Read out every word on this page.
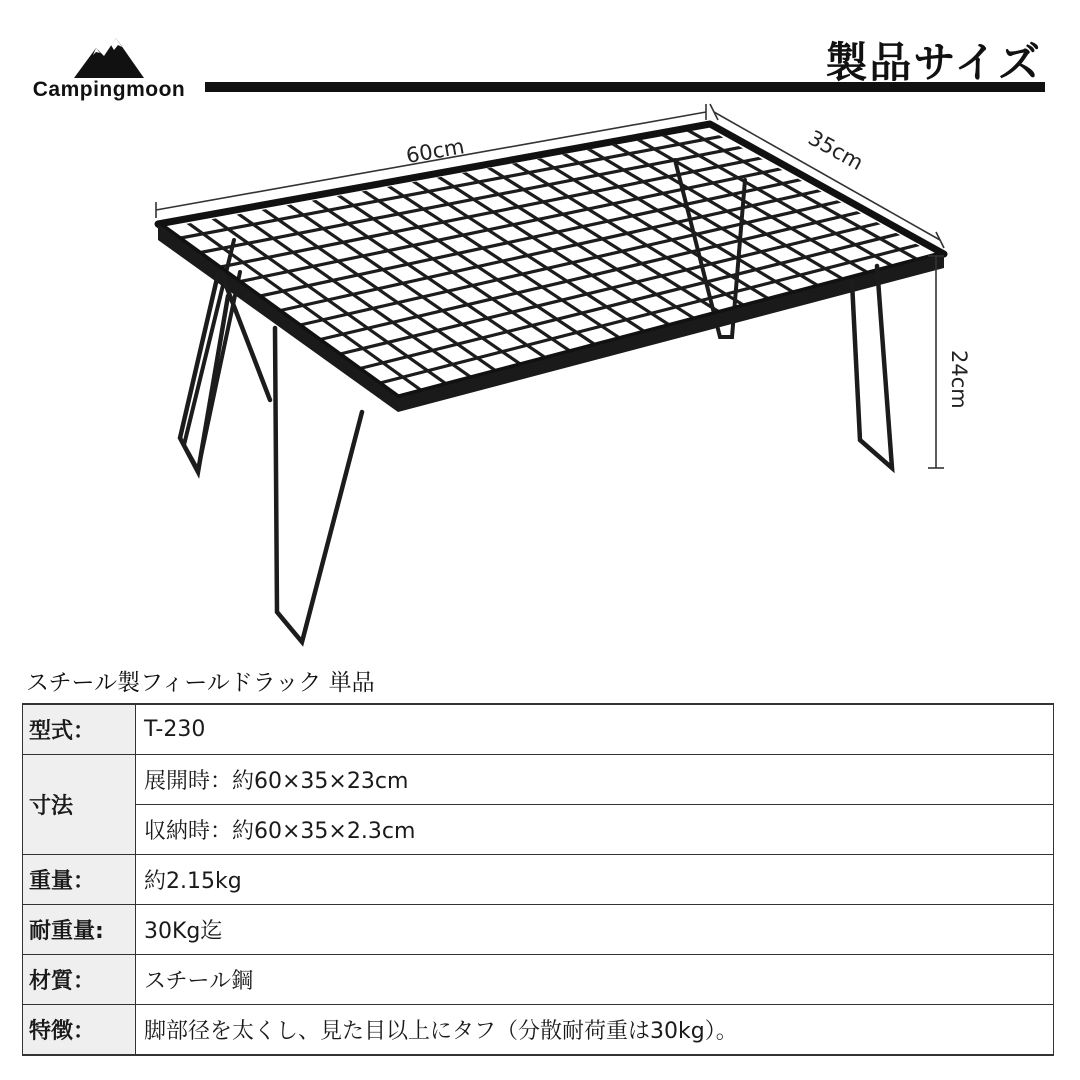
Campingmoon
製品サイズ
60cm	35cm
24cm
スチール製フィールドラック 単品
型式：	T-230
寸法	展開時：約60×35×23cm
	収納時：約60×35×2.3cm
重量：	約2.15kg
耐重量:	30Kg迄
材質：	スチール鋼
特徴：	脚部径を太くし、見た目以上にタフ（分散耐荷重は30kg）。
